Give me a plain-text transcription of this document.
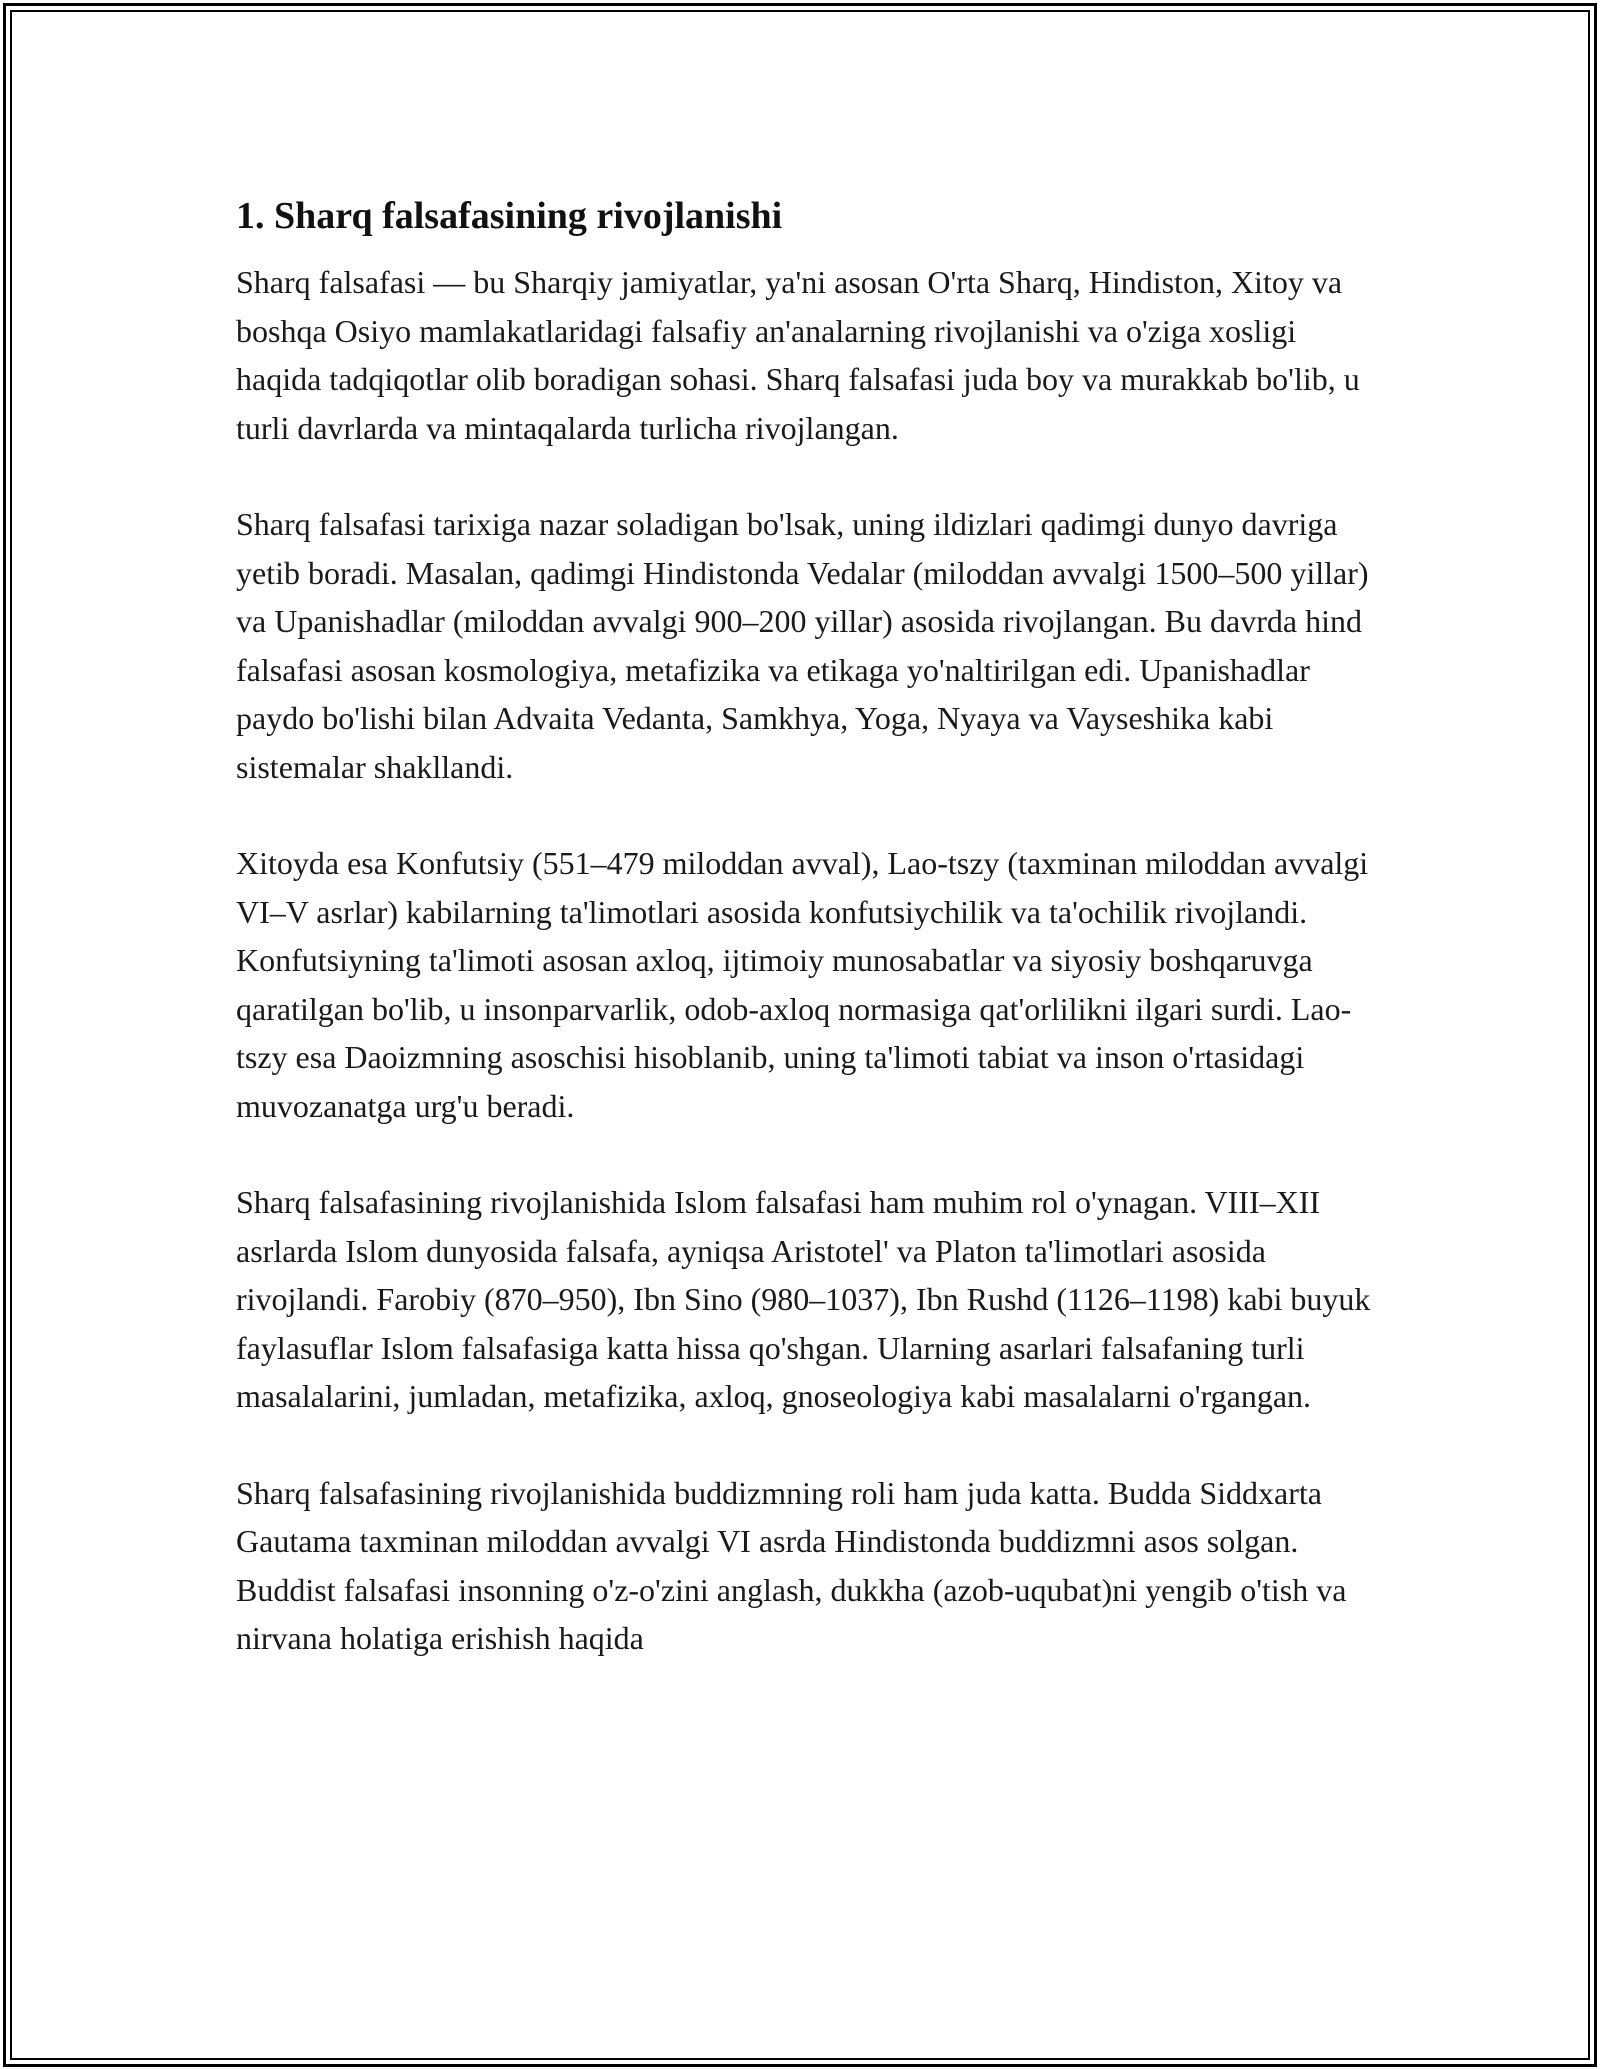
1. Sharq falsafasining rivojlanishi

Sharq falsafasi — bu Sharqiy jamiyatlar, ya'ni asosan O'rta Sharq, Hindiston, Xitoy va boshqa Osiyo mamlakatlaridagi falsafiy an'analarning rivojlanishi va o'ziga xosligi haqida tadqiqotlar olib boradigan sohasi. Sharq falsafasi juda boy va murakkab bo'lib, u turli davrlarda va mintaqalarda turlicha rivojlangan.

Sharq falsafasi tarixiga nazar soladigan bo'lsak, uning ildizlari qadimgi dunyo davriga yetib boradi. Masalan, qadimgi Hindistonda Vedalar (miloddan avvalgi 1500–500 yillar) va Upanishadlar (miloddan avvalgi 900–200 yillar) asosida rivojlangan. Bu davrda hind falsafasi asosan kosmologiya, metafizika va etikaga yo'naltirilgan edi. Upanishadlar paydo bo'lishi bilan Advaita Vedanta, Samkhya, Yoga, Nyaya va Vayseshika kabi sistemalar shakllandi.

Xitoyda esa Konfutsiy (551–479 miloddan avval), Lao-tszy (taxminan miloddan avvalgi VI–V asrlar) kabilarning ta'limotlari asosida konfutsiychilik va ta'ochilik rivojlandi. Konfutsiyning ta'limoti asosan axloq, ijtimoiy munosabatlar va siyosiy boshqaruvga qaratilgan bo'lib, u insonparvarlik, odob-axloq normasiga qat'orlilikni ilgari surdi. Lao-tszy esa Daoizmning asoschisi hisoblanib, uning ta'limoti tabiat va inson o'rtasidagi muvozanatga urg'u beradi.

Sharq falsafasining rivojlanishida Islom falsafasi ham muhim rol o'ynagan. VIII–XII asrlarda Islom dunyosida falsafa, ayniqsa Aristotel' va Platon ta'limotlari asosida rivojlandi. Farobiy (870–950), Ibn Sino (980–1037), Ibn Rushd (1126–1198) kabi buyuk faylasuflar Islom falsafasiga katta hissa qo'shgan. Ularning asarlari falsafaning turli masalalarini, jumladan, metafizika, axloq, gnoseologiya kabi masalalarni o'rgangan.

Sharq falsafasining rivojlanishida buddizmning roli ham juda katta. Budda Siddxarta Gautama taxminan miloddan avvalgi VI asrda Hindistonda buddizmni asos solgan. Buddist falsafasi insonning o'z-o'zini anglash, dukkha (azob-uqubat)ni yengib o'tish va nirvana holatiga erishish haqida
